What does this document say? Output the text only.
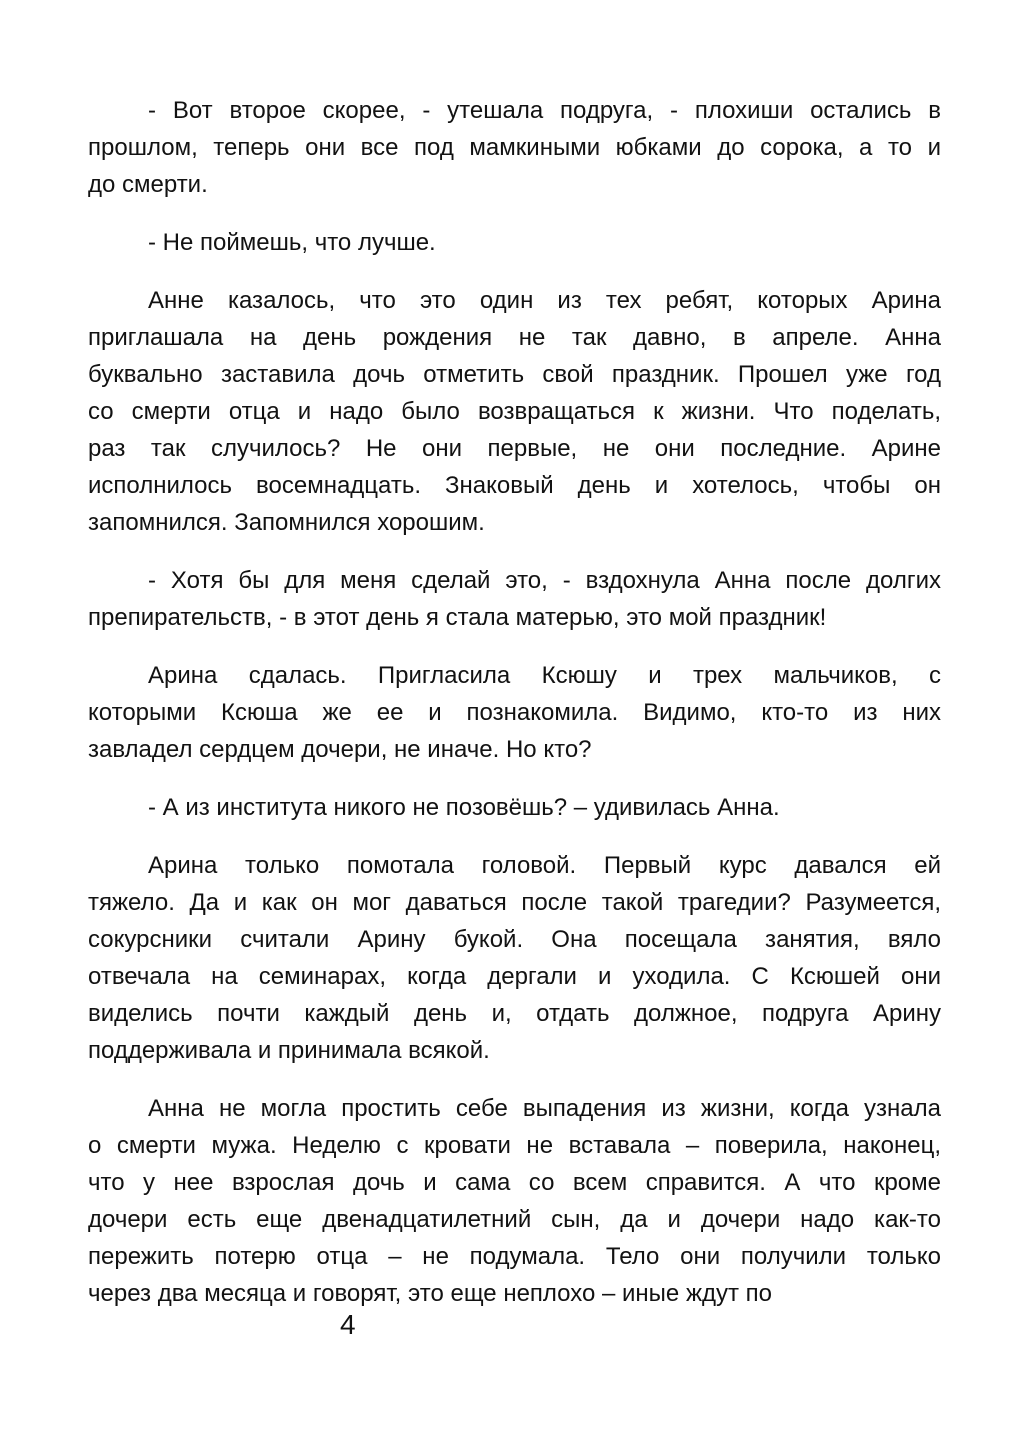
- Вот второе скорее, - утешала подруга, - плохиши остались в
прошлом, теперь они все под мамкиными юбками до сорока, а то и
до смерти.
- Не поймешь, что лучше.
Анне казалось, что это один из тех ребят, которых Арина
приглашала на день рождения не так давно, в апреле. Анна
буквально заставила дочь отметить свой праздник. Прошел уже год
со смерти отца и надо было возвращаться к жизни. Что поделать,
раз так случилось? Не они первые, не они последние. Арине
исполнилось восемнадцать. Знаковый день и хотелось, чтобы он
запомнился. Запомнился хорошим.
- Хотя бы для меня сделай это, - вздохнула Анна после долгих
препирательств, - в этот день я стала матерью, это мой праздник!
Арина сдалась. Пригласила Ксюшу и трех мальчиков, с
которыми Ксюша же ее и познакомила. Видимо, кто-то из них
завладел сердцем дочери, не иначе. Но кто?
- А из института никого не позовёшь? – удивилась Анна.
Арина только помотала головой. Первый курс давался ей
тяжело. Да и как он мог даваться после такой трагедии? Разумеется,
сокурсники считали Арину букой. Она посещала занятия, вяло
отвечала на семинарах, когда дергали и уходила. С Ксюшей они
виделись почти каждый день и, отдать должное, подруга Арину
поддерживала и принимала всякой.
Анна не могла простить себе выпадения из жизни, когда узнала
о смерти мужа. Неделю с кровати не вставала – поверила, наконец,
что у нее взрослая дочь и сама со всем справится. А что кроме
дочери есть еще двенадцатилетний сын, да и дочери надо как-то
пережить потерю отца – не подумала. Тело они получили только
через два месяца и говорят, это еще неплохо – иные ждут по
4
